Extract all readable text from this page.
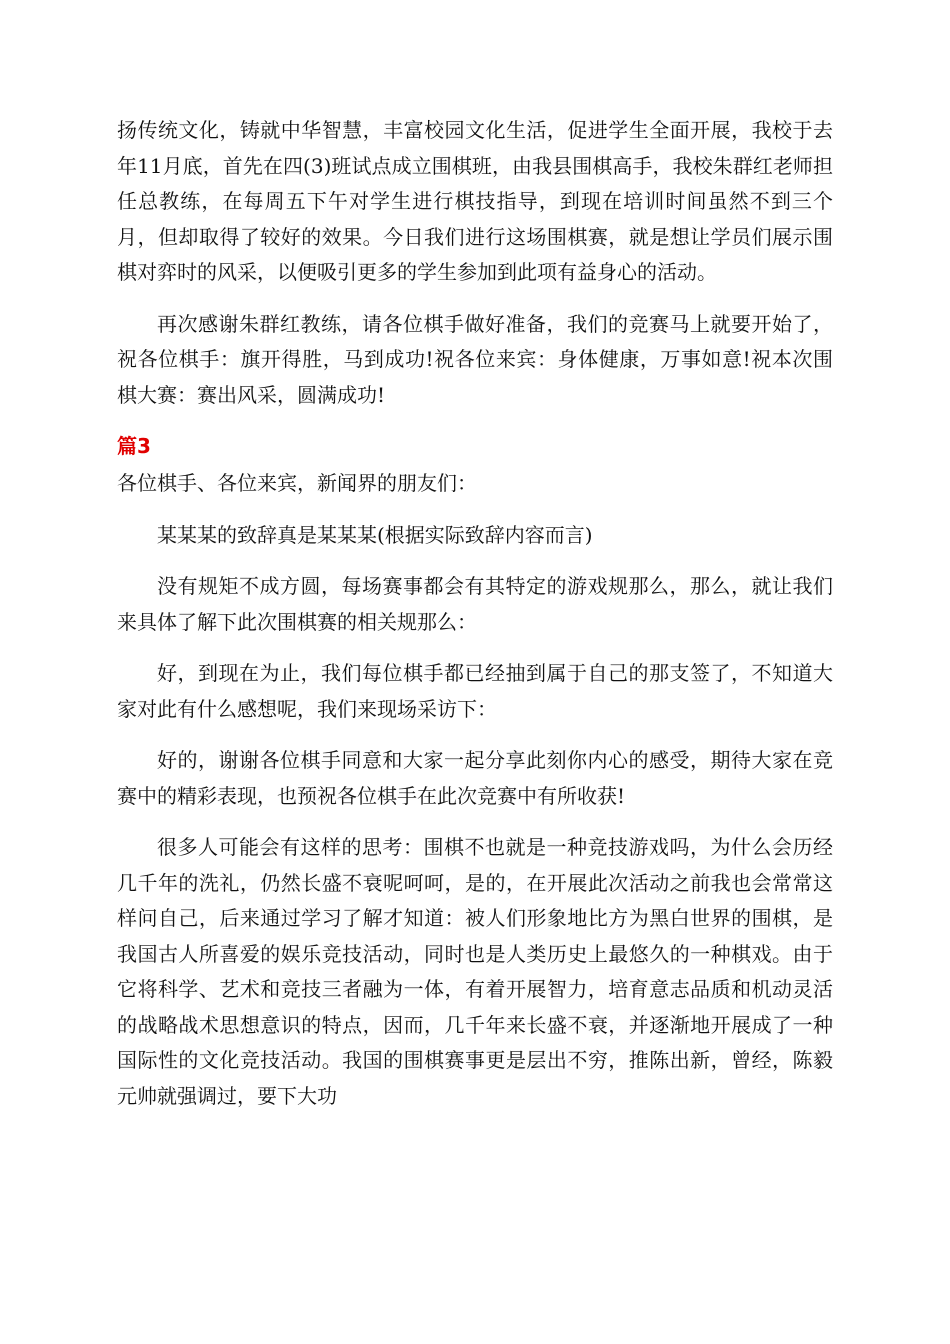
扬传统文化，铸就中华智慧，丰富校园文化生活，促进学生全面开展，我校于去年11月底，首先在四(3)班试点成立围棋班，由我县围棋高手，我校朱群红老师担任总教练，在每周五下午对学生进行棋技指导，到现在培训时间虽然不到三个月，但却取得了较好的效果。今日我们进行这场围棋赛，就是想让学员们展示围棋对弈时的风采，以便吸引更多的学生参加到此项有益身心的活动。

再次感谢朱群红教练，请各位棋手做好准备，我们的竞赛马上就要开始了，祝各位棋手：旗开得胜，马到成功!祝各位来宾：身体健康，万事如意!祝本次围棋大赛：赛出风采，圆满成功!

篇3

各位棋手、各位来宾，新闻界的朋友们：

某某某的致辞真是某某某(根据实际致辞内容而言)

没有规矩不成方圆，每场赛事都会有其特定的游戏规那么，那么，就让我们来具体了解下此次围棋赛的相关规那么：

好，到现在为止，我们每位棋手都已经抽到属于自己的那支签了，不知道大家对此有什么感想呢，我们来现场采访下：

好的，谢谢各位棋手同意和大家一起分享此刻你内心的感受，期待大家在竞赛中的精彩表现，也预祝各位棋手在此次竞赛中有所收获!

很多人可能会有这样的思考：围棋不也就是一种竞技游戏吗，为什么会历经几千年的洗礼，仍然长盛不衰呢呵呵，是的，在开展此次活动之前我也会常常这样问自己，后来通过学习了解才知道：被人们形象地比方为黑白世界的围棋，是我国古人所喜爱的娱乐竞技活动，同时也是人类历史上最悠久的一种棋戏。由于它将科学、艺术和竞技三者融为一体，有着开展智力，培育意志品质和机动灵活的战略战术思想意识的特点，因而，几千年来长盛不衰，并逐渐地开展成了一种国际性的文化竞技活动。我国的围棋赛事更是层出不穷，推陈出新，曾经，陈毅元帅就强调过，要下大功
